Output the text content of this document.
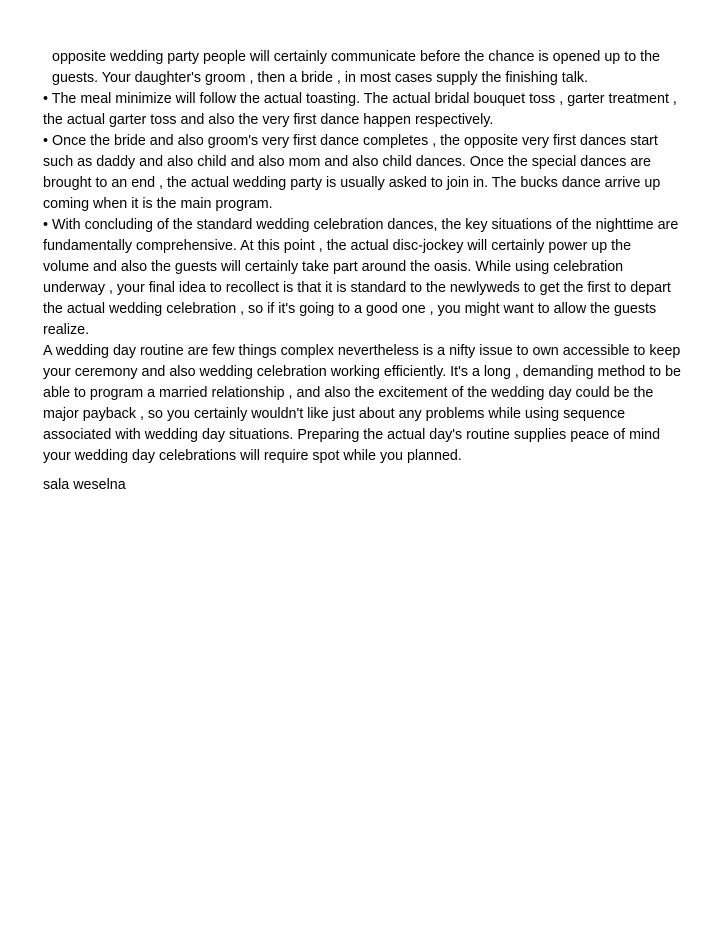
opposite wedding party people will certainly communicate before the chance is opened up to the
guests. Your daughter's groom , then a bride , in most cases supply the finishing talk.
• The meal minimize will follow the actual toasting. The actual bridal bouquet toss , garter treatment ,
the actual garter toss and also the very first dance happen respectively.
• Once the bride and also groom's very first dance completes , the opposite very first dances start
such as daddy and also child and also mom and also child dances. Once the special dances are
brought to an end , the actual wedding party is usually asked to join in. The bucks dance arrive up
coming when it is the main program.
• With concluding of the standard wedding celebration dances, the key situations of the nighttime are
fundamentally comprehensive. At this point , the actual disc-jockey will certainly power up the
volume and also the guests will certainly take part around the oasis. While using celebration
underway , your final idea to recollect is that it is standard to the newlyweds to get the first to depart
the actual wedding celebration , so if it's going to a good one , you might want to allow the guests
realize.
A wedding day routine are few things complex nevertheless is a nifty issue to own accessible to keep
your ceremony and also wedding celebration working efficiently. It's a long , demanding method to be
able to program a married relationship , and also the excitement of the wedding day could be the
major payback , so you certainly wouldn't like just about any problems while using sequence
associated with wedding day situations. Preparing the actual day's routine supplies peace of mind
your wedding day celebrations will require spot while you planned.
sala weselna
